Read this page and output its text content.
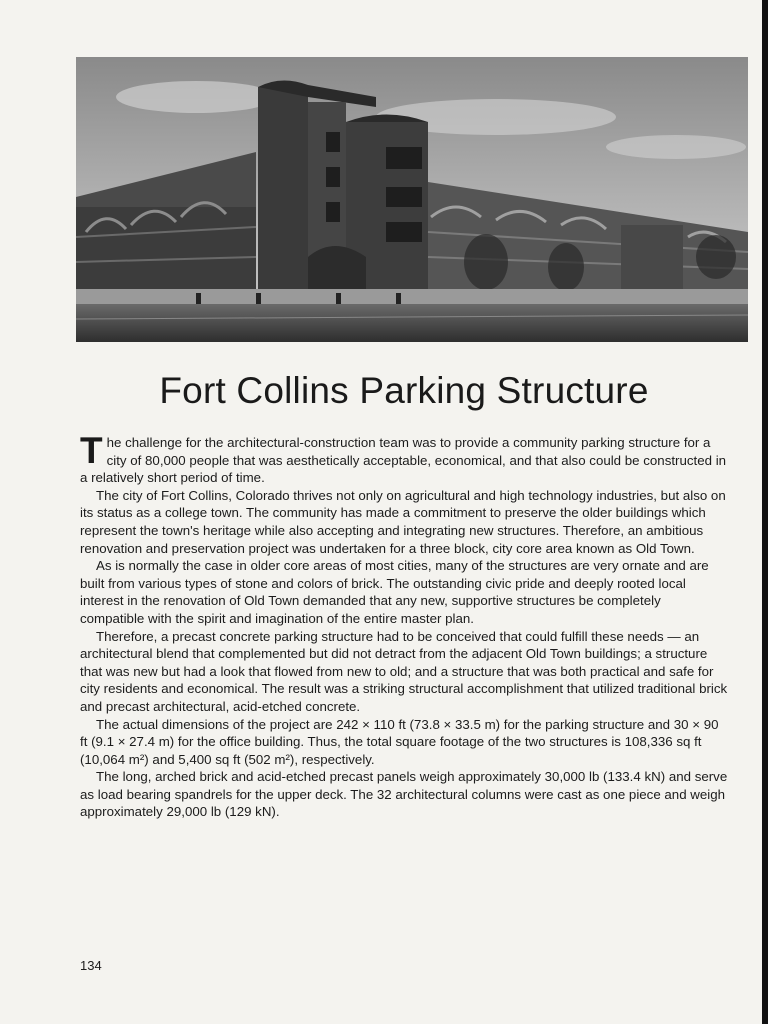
Fort Collins Parking Structure

The challenge for the architectural-construction team was to provide a community parking structure for a city of 80,000 people that was aesthetically acceptable, economical, and that also could be constructed in a relatively short period of time.

The city of Fort Collins, Colorado thrives not only on agricultural and high technology industries, but also on its status as a college town. The community has made a commitment to preserve the older buildings which represent the town's heritage while also accepting and integrating new structures. Therefore, an ambitious renovation and preservation project was undertaken for a three block, city core area known as Old Town.

As is normally the case in older core areas of most cities, many of the structures are very ornate and are built from various types of stone and colors of brick. The outstanding civic pride and deeply rooted local interest in the renovation of Old Town demanded that any new, supportive structures be completely compatible with the spirit and imagination of the entire master plan.

Therefore, a precast concrete parking structure had to be conceived that could fulfill these needs — an architectural blend that complemented but did not detract from the adjacent Old Town buildings; a structure that was new but had a look that flowed from new to old; and a structure that was both practical and safe for city residents and economical. The result was a striking structural accomplishment that utilized traditional brick and precast architectural, acid-etched concrete.

The actual dimensions of the project are 242 × 110 ft (73.8 × 33.5 m) for the parking structure and 30 × 90 ft (9.1 × 27.4 m) for the office building. Thus, the total square footage of the two structures is 108,336 sq ft (10,064 m²) and 5,400 sq ft (502 m²), respectively.

The long, arched brick and acid-etched precast panels weigh approximately 30,000 lb (133.4 kN) and serve as load bearing spandrels for the upper deck. The 32 architectural columns were cast as one piece and weigh approximately 29,000 lb (129 kN).

134
